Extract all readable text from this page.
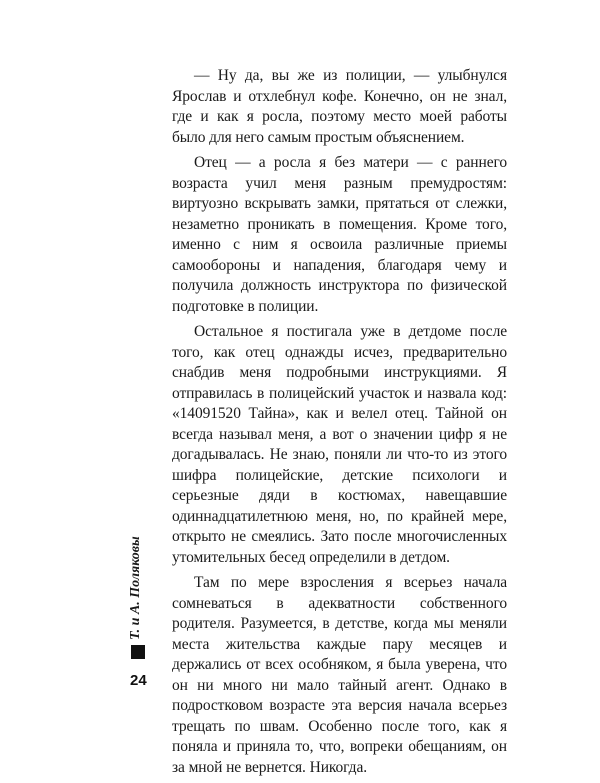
— Ну да, вы же из полиции, — улыбнулся Ярослав и отхлебнул кофе. Конечно, он не знал, где и как я росла, поэтому место моей работы было для него самым простым объяснением.

Отец — а росла я без матери — с раннего возраста учил меня разным премудростям: виртуозно вскрывать замки, прятаться от слежки, незаметно проникать в помещения. Кроме того, именно с ним я освоила различные приемы самообороны и нападения, благодаря чему и получила должность инструктора по физической подготовке в полиции.

Остальное я постигала уже в детдоме после того, как отец однажды исчез, предварительно снабдив меня подробными инструкциями. Я отправилась в полицейский участок и назвала код: «14091520 Тайна», как и велел отец. Тайной он всегда называл меня, а вот о значении цифр я не догадывалась. Не знаю, поняли ли что-то из этого шифра полицейские, детские психологи и серьезные дяди в костюмах, навещавшие одиннадцатилетнюю меня, но, по крайней мере, открыто не смеялись. Зато после многочисленных утомительных бесед определили в детдом.

Там по мере взросления я всерьез начала сомневаться в адекватности собственного родителя. Разумеется, в детстве, когда мы меняли места жительства каждые пару месяцев и держались от всех особняком, я была уверена, что он ни много ни мало тайный агент. Однако в подростковом возрасте эта версия начала всерьез трещать по швам. Особенно после того, как я поняла и приняла то, что, вопреки обещаниям, он за мной не вернется. Никогда.

Т. и А. Поляковы
24
